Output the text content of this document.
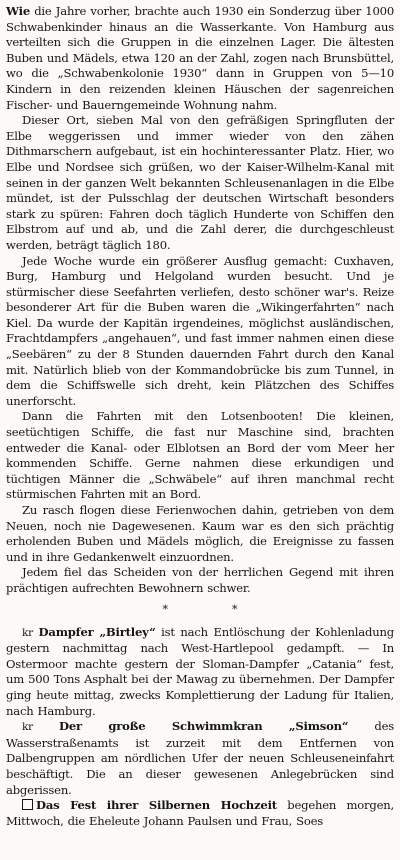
Wie die Jahre vorher, brachte auch 1930 ein Sonderzug über 1000 Schwabenkinder hinaus an die Wasserkante. Von Hamburg aus verteilten sich die Gruppen in die einzelnen Lager. Die ältesten Buben und Mädels, etwa 120 an der Zahl, zogen nach Brunsbüttel, wo die „Schwabenkolonie 1930“ dann in Gruppen von 5—10 Kindern in den reizenden kleinen Häuschen der sagenreichen Fischer- und Bauerngemeinde Wohnung nahm.

Dieser Ort, sieben Mal von den gefräßigen Springfluten der Elbe weggerissen und immer wieder von den zähen Dithmarschern aufgebaut, ist ein hochinteressanter Platz. Hier, wo Elbe und Nordsee sich grüßen, wo der Kaiser-Wilhelm-Kanal mit seinen in der ganzen Welt bekannten Schleusenanlagen in die Elbe mündet, ist der Pulsschlag der deutschen Wirtschaft besonders stark zu spüren: Fahren doch täglich Hunderte von Schiffen den Elbstrom auf und ab, und die Zahl derer, die durchgeschleust werden, beträgt täglich 180.

Jede Woche wurde ein größerer Ausflug gemacht: Cuxhaven, Burg, Hamburg und Helgoland wurden besucht. Und je stürmischer diese Seefahrten verliefen, desto schöner war's. Reize besonderer Art für die Buben waren die „Wikingerfahrten“ nach Kiel. Da wurde der Kapitän irgendeines, möglichst ausländischen, Frachtdampfers „angehauen“, und fast immer nahmen einen diese „Seebären“ zu der 8 Stunden dauernden Fahrt durch den Kanal mit. Natürlich blieb von der Kommandobrücke bis zum Tunnel, in dem die Schiffswelle sich dreht, kein Plätzchen des Schiffes unerforscht.

Dann die Fahrten mit den Lotsenbooten! Die kleinen, seetüchtigen Schiffe, die fast nur Maschine sind, brachten entweder die Kanal- oder Elblotsen an Bord der vom Meer her kommenden Schiffe. Gerne nahmen diese erkundigen und tüchtigen Männer die „Schwäbele“ auf ihren manchmal recht stürmischen Fahrten mit an Bord.

Zu rasch flogen diese Ferienwochen dahin, getrieben von dem Neuen, noch nie Dagewesenen. Kaum war es den sich prächtig erholenden Buben und Mädels möglich, die Ereignisse zu fassen und in ihre Gedankenwelt einzuordnen.

Jedem fiel das Scheiden von der herrlichen Gegend mit ihren prächtigen aufrechten Bewohnern schwer.

*	*

kr Dampfer „Birtley“ ist nach Entlöschung der Kohlenladung gestern nachmittag nach West-Hartlepool gedampft. — In Ostermoor machte gestern der Sloman-Dampfer „Catania“ fest, um 500 Tons Asphalt bei der Mawag zu übernehmen. Der Dampfer ging heute mittag, zwecks Komplettierung der Ladung für Italien, nach Hamburg.

kr Der große Schwimmkran „Simson“ des Wasserstraßenamts ist zurzeit mit dem Entfernen von Dalbengruppen am nördlichen Ufer der neuen Schleuseneinfahrt beschäftigt. Die an dieser gewesenen Anlegebrücken sind abgerissen.

Das Fest ihrer Silbernen Hochzeit begehen morgen, Mittwoch, die Eheleute Johann Paulsen und Frau, Soes
